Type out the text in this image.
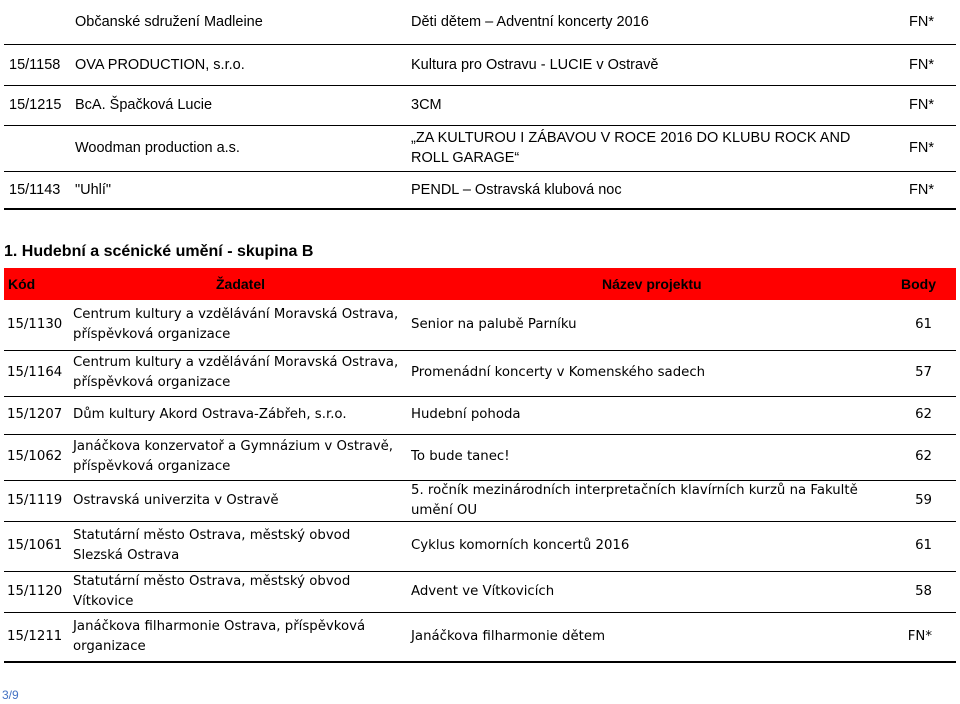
	Občanské sdružení Madleine	Děti dětem – Adventní koncerty 2016	FN*
15/1158	OVA PRODUCTION, s.r.o.	Kultura pro Ostravu - LUCIE v Ostravě	FN*
15/1215	BcA. Špačková Lucie	3CM	FN*
	Woodman production a.s.	„ZA KULTUROU I ZÁBAVOU V ROCE 2016 DO KLUBU ROCK AND ROLL GARAGE“	FN*
15/1143	"Uhlí"	PENDL – Ostravská klubová noc	FN*
1. Hudební a scénické umění - skupina B
Kód	Žadatel	Název projektu	Body
15/1130	Centrum kultury a vzdělávání Moravská Ostrava, příspěvková organizace	Senior na palubě Parníku	61
15/1164	Centrum kultury a vzdělávání Moravská Ostrava, příspěvková organizace	Promenádní koncerty v Komenského sadech	57
15/1207	Dům kultury Akord Ostrava-Zábřeh, s.r.o.	Hudební pohoda	62
15/1062	Janáčkova konzervatoř a Gymnázium v Ostravě, příspěvková organizace	To bude tanec!	62
15/1119	Ostravská univerzita v Ostravě	5. ročník mezinárodních interpretačních klavírních kurzů na Fakultě umění OU	59
15/1061	Statutární město Ostrava, městský obvod Slezská Ostrava	Cyklus komorních koncertů 2016	61
15/1120	Statutární město Ostrava, městský obvod Vítkovice	Advent ve Vítkovicích	58
15/1211	Janáčkova filharmonie Ostrava, příspěvková organizace	Janáčkova filharmonie dětem	FN*
3/9
